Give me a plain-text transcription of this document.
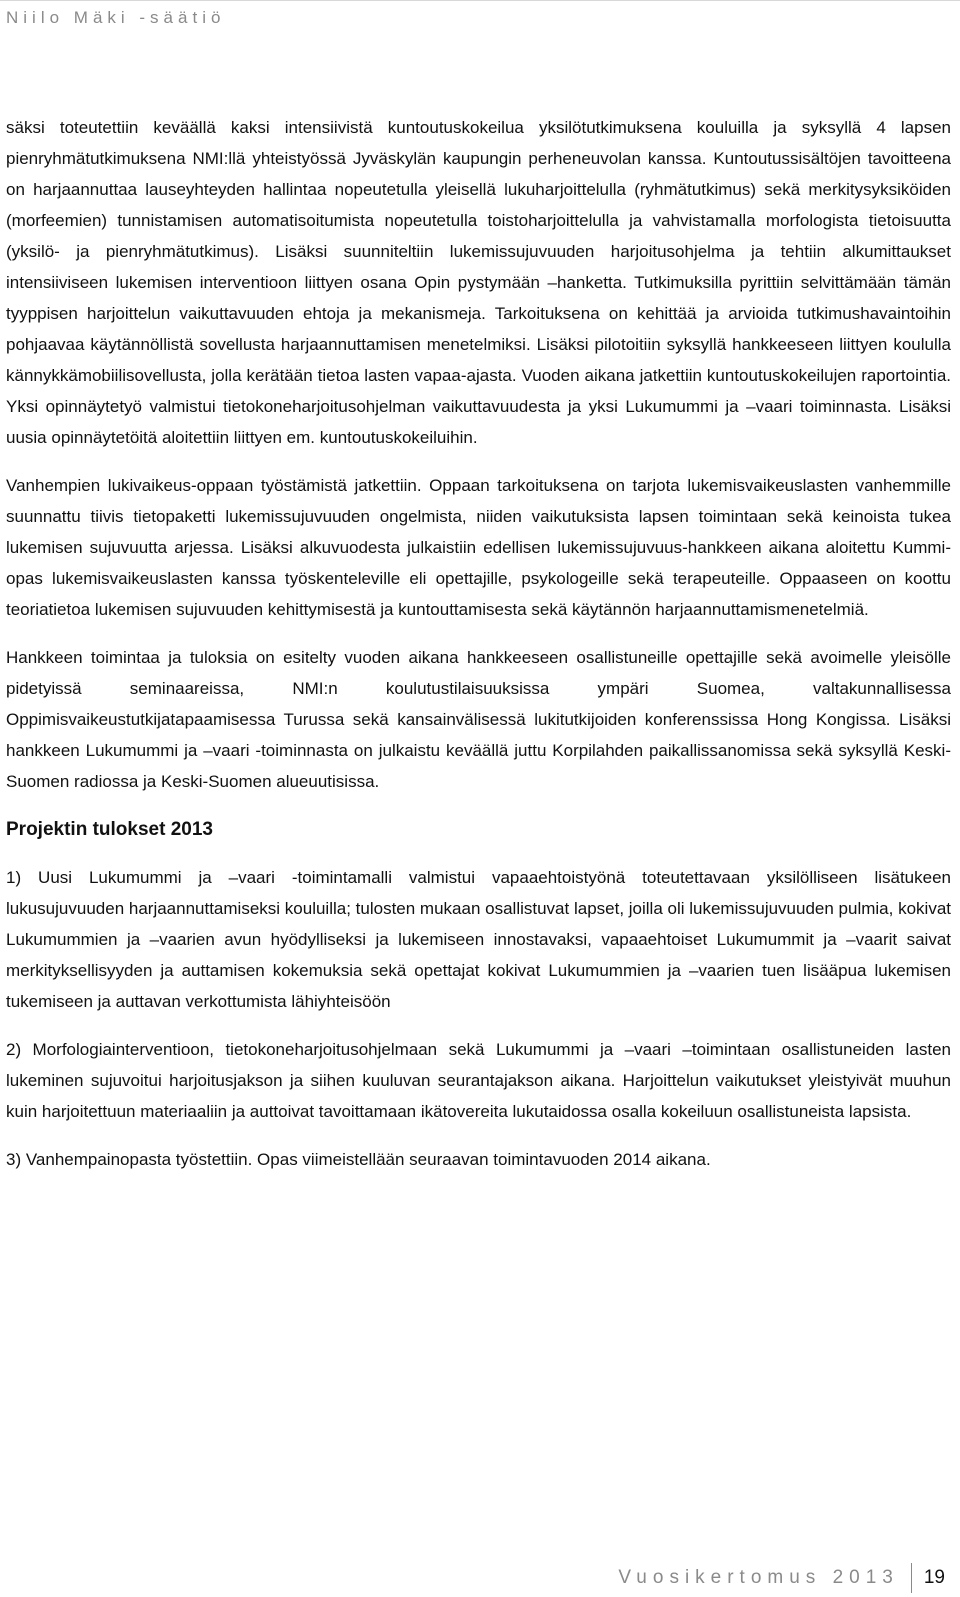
Niilo Mäki -säätiö

säksi toteutettiin keväällä kaksi intensiivistä kuntoutuskokeilua yksilötutkimuksena kouluilla ja syksyllä 4 lapsen pienryhmätutkimuksena NMI:llä yhteistyössä Jyväskylän kaupungin perheneuvolan kanssa. Kuntoutussisältöjen tavoitteena on harjaannuttaa lauseyhteyden hallintaa nopeutetulla yleisellä lukuharjoittelulla (ryhmätutkimus) sekä merkitysyksiköiden (morfeemien) tunnistamisen automatisoitumista nopeutetulla toistoharjoittelulla ja vahvistamalla morfologista tietoisuutta (yksilö- ja pienryhmätutkimus). Lisäksi suunniteltiin lukemissujuvuuden harjoitusohjelma ja tehtiin alkumittaukset intensiiviseen lukemisen interventioon liittyen osana Opin pystymään –hanketta. Tutkimuksilla pyrittiin selvittämään tämän tyyppisen harjoittelun vaikuttavuuden ehtoja ja mekanismeja. Tarkoituksena on kehittää ja arvioida tutkimushavaintoihin pohjaavaa käytännöllistä sovellusta harjaannuttamisen menetelmiksi. Lisäksi pilotoitiin syksyllä hankkeeseen liittyen koululla kännykkämobiilisovellusta, jolla kerätään tietoa lasten vapaa-ajasta. Vuoden aikana jatkettiin kuntoutuskokeilujen raportointia. Yksi opinnäytetyö valmistui tietokoneharjoitusohjelman vaikuttavuudesta ja yksi Lukumummi ja –vaari toiminnasta. Lisäksi uusia opinnäytetöitä aloitettiin liittyen em. kuntoutuskokeiluihin.

Vanhempien lukivaikeus-oppaan työstämistä jatkettiin. Oppaan tarkoituksena on tarjota lukemisvaikeuslasten vanhemmille suunnattu tiivis tietopaketti lukemissujuvuuden ongelmista, niiden vaikutuksista lapsen toimintaan sekä keinoista tukea lukemisen sujuvuutta arjessa. Lisäksi alkuvuodesta julkaistiin edellisen lukemissujuvuus-hankkeen aikana aloitettu Kummi-opas lukemisvaikeuslasten kanssa työskenteleville eli opettajille, psykologeille sekä terapeuteille. Oppaaseen on koottu teoriatietoa lukemisen sujuvuuden kehittymisestä ja kuntouttamisesta sekä käytännön harjaannuttamismenetelmiä.

Hankkeen toimintaa ja tuloksia on esitelty vuoden aikana hankkeeseen osallistuneille opettajille sekä avoimelle yleisölle pidetyissä seminaareissa, NMI:n koulutustilaisuuksissa ympäri Suomea, valtakunnallisessa Oppimisvaikeustutkijatapaamisessa Turussa sekä kansainvälisessä lukitutkijoiden konferenssissa Hong Kongissa. Lisäksi hankkeen Lukumummi ja –vaari -toiminnasta on julkaistu keväällä juttu Korpilahden paikallissanomissa sekä syksyllä Keski-Suomen radiossa ja Keski-Suomen alueuutisissa.

Projektin tulokset 2013

1) Uusi Lukumummi ja –vaari -toimintamalli valmistui vapaaehtoistyönä toteutettavaan yksilölliseen lisätukeen lukusujuvuuden harjaannuttamiseksi kouluilla; tulosten mukaan osallistuvat lapset, joilla oli lukemissujuvuuden pulmia, kokivat Lukumummien ja –vaarien avun hyödylliseksi ja lukemiseen innostavaksi, vapaaehtoiset Lukumummit ja –vaarit saivat merkityksellisyyden ja auttamisen kokemuksia sekä opettajat kokivat Lukumummien ja –vaarien tuen lisääpua lukemisen tukemiseen ja auttavan verkottumista lähiyhteisöön

2) Morfologiainterventioon, tietokoneharjoitusohjelmaan sekä Lukumummi ja –vaari –toimintaan osallistuneiden lasten lukeminen sujuvoitui harjoitusjakson ja siihen kuuluvan seurantajakson aikana. Harjoittelun vaikutukset yleistyivät muuhun kuin harjoitettuun materiaaliin ja auttoivat tavoittamaan ikätovereita lukutaidossa osalla kokeiluun osallistuneista lapsista.

3) Vanhempainopasta työstettiin. Opas viimeistellään seuraavan toimintavuoden 2014 aikana.

Vuosikertomus 2013	19
